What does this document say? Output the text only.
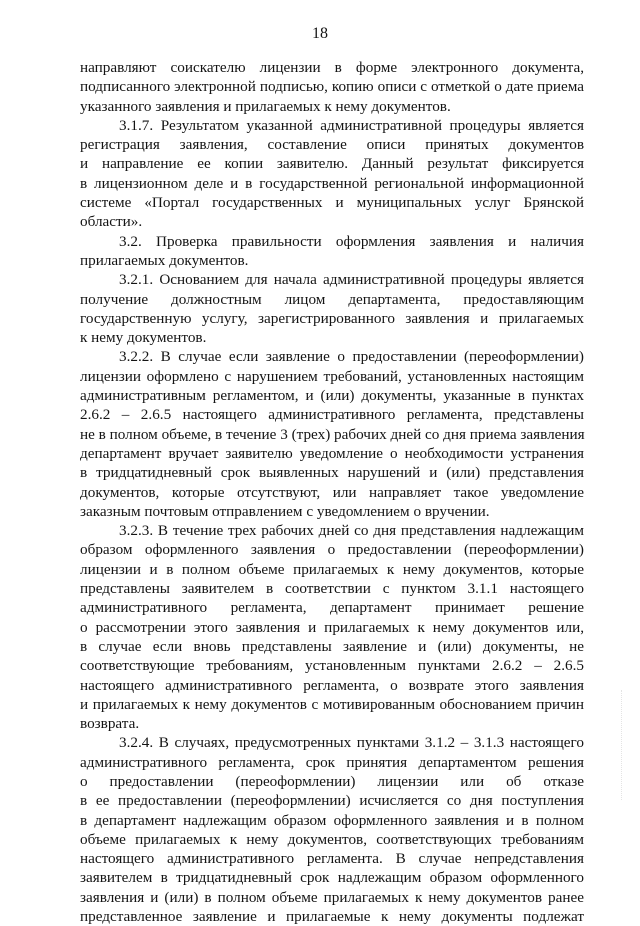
18
направляют соискателю лицензии в форме электронного документа,
подписанного электронной подписью, копию описи с отметкой о дате приема
указанного заявления и прилагаемых к нему документов.
3.1.7. Результатом указанной административной процедуры является
регистрация заявления, составление описи принятых документов
и направление ее копии заявителю. Данный результат фиксируется
в лицензионном деле и в государственной региональной информационной
системе «Портал государственных и муниципальных услуг Брянской
области».
3.2. Проверка правильности оформления заявления и наличия
прилагаемых документов.
3.2.1. Основанием для начала административной процедуры является
получение должностным лицом департамента, предоставляющим
государственную услугу, зарегистрированного заявления и прилагаемых
к нему документов.
3.2.2. В случае если заявление о предоставлении (переоформлении)
лицензии оформлено с нарушением требований, установленных настоящим
административным регламентом, и (или) документы, указанные в пунктах
2.6.2 – 2.6.5 настоящего административного регламента, представлены
не в полном объеме, в течение 3 (трех) рабочих дней со дня приема заявления
департамент вручает заявителю уведомление о необходимости устранения
в тридцатидневный срок выявленных нарушений и (или) представления
документов, которые отсутствуют, или направляет такое уведомление
заказным почтовым отправлением с уведомлением о вручении.
3.2.3. В течение трех рабочих дней со дня представления надлежащим
образом оформленного заявления о предоставлении (переоформлении)
лицензии и в полном объеме прилагаемых к нему документов, которые
представлены заявителем в соответствии с пунктом 3.1.1 настоящего
административного регламента, департамент принимает решение
о рассмотрении этого заявления и прилагаемых к нему документов или,
в случае если вновь представлены заявление и (или) документы, не
соответствующие требованиям, установленным пунктами 2.6.2 – 2.6.5
настоящего административного регламента, о возврате этого заявления
и прилагаемых к нему документов с мотивированным обоснованием причин
возврата.
3.2.4. В случаях, предусмотренных пунктами 3.1.2 – 3.1.3 настоящего
административного регламента, срок принятия департаментом решения
о предоставлении (переоформлении) лицензии или об отказе
в ее предоставлении (переоформлении) исчисляется со дня поступления
в департамент надлежащим образом оформленного заявления и в полном
объеме прилагаемых к нему документов, соответствующих требованиям
настоящего административного регламента. В случае непредставления
заявителем в тридцатидневный срок надлежащим образом оформленного
заявления и (или) в полном объеме прилагаемых к нему документов ранее
представленное заявление и прилагаемые к нему документы подлежат
